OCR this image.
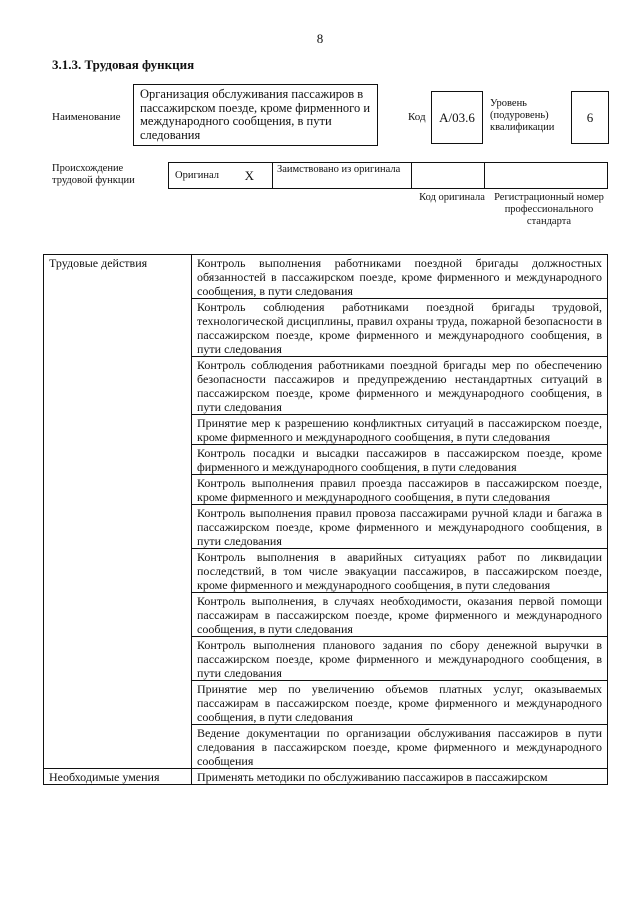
8
3.1.3. Трудовая функция
Наименование
Организация обслуживания пассажиров в пассажирском поезде, кроме фирменного и международного сообщения, в пути следования
Код	А/03.6
Уровень (подуровень) квалификации
6
Происхождение трудовой функции	Оригинал X	Заимствовано из оригинала
Код оригинала Регистрационный номер профессионального стандарта
Трудовые действия	Контроль выполнения работниками поездной бригады должностных обязанностей в пассажирском поезде, кроме фирменного и международного сообщения, в пути следования
	Контроль соблюдения работниками поездной бригады трудовой, технологической дисциплины, правил охраны труда, пожарной безопасности в пассажирском поезде, кроме фирменного и международного сообщения, в пути следования
	Контроль соблюдения работниками поездной бригады мер по обеспечению безопасности пассажиров и предупреждению нестандартных ситуаций в пассажирском поезде, кроме фирменного и международного сообщения, в пути следования
	Принятие мер к разрешению конфликтных ситуаций в пассажирском поезде, кроме фирменного и международного сообщения, в пути следования
	Контроль посадки и высадки пассажиров в пассажирском поезде, кроме фирменного и международного сообщения, в пути следования
	Контроль выполнения правил проезда пассажиров в пассажирском поезде, кроме фирменного и международного сообщения, в пути следования
	Контроль выполнения правил провоза пассажирами ручной клади и багажа в пассажирском поезде, кроме фирменного и международного сообщения, в пути следования
	Контроль выполнения в аварийных ситуациях работ по ликвидации последствий, в том числе эвакуации пассажиров, в пассажирском поезде, кроме фирменного и международного сообщения, в пути следования
	Контроль выполнения, в случаях необходимости, оказания первой помощи пассажирам в пассажирском поезде, кроме фирменного и международного сообщения, в пути следования
	Контроль выполнения планового задания по сбору денежной выручки в пассажирском поезде, кроме фирменного и международного сообщения, в пути следования
	Принятие мер по увеличению объемов платных услуг, оказываемых пассажирам в пассажирском поезде, кроме фирменного и международного сообщения, в пути следования
	Ведение документации по организации обслуживания пассажиров в пути следования в пассажирском поезде, кроме фирменного и международного сообщения
Необходимые умения	Применять методики по обслуживанию пассажиров в пассажирском
